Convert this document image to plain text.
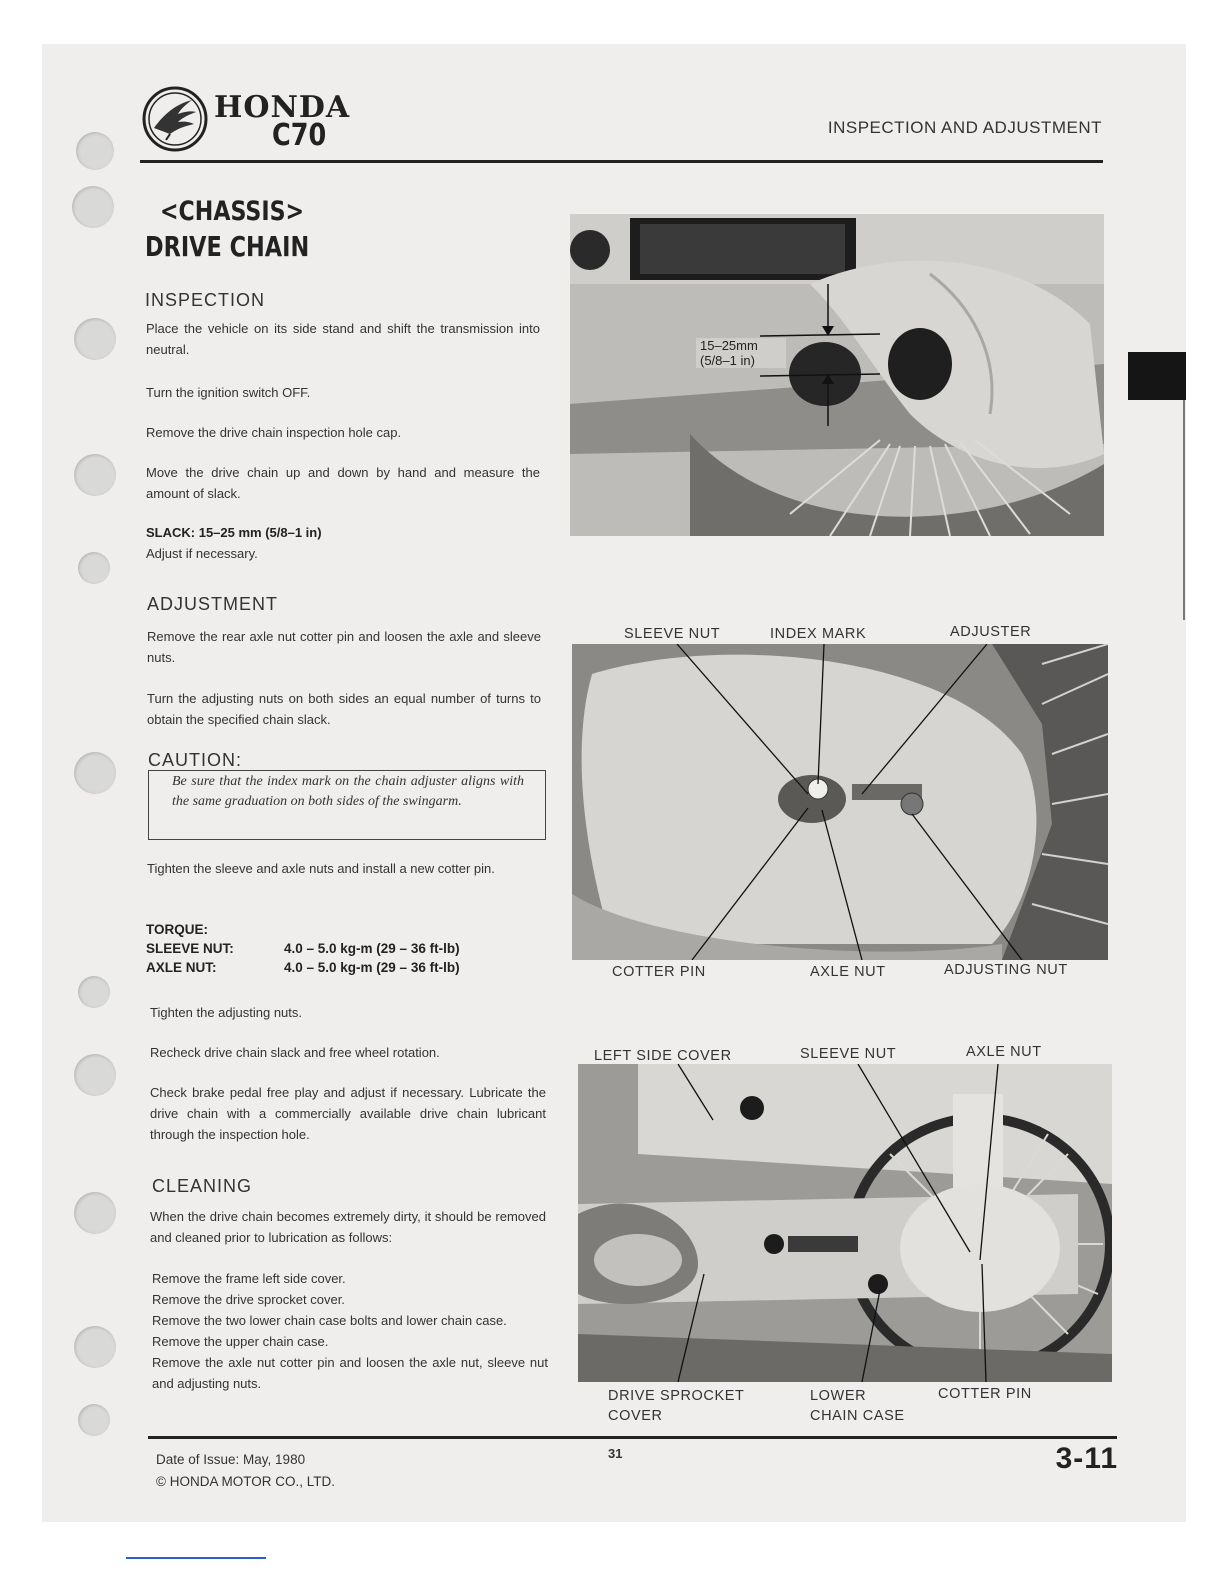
HONDA
C70	INSPECTION AND ADJUSTMENT
<CHASSIS>
DRIVE CHAIN
INSPECTION

Place the vehicle on its side stand and shift the transmission into neutral.

Turn the ignition switch OFF.

Remove the drive chain inspection hole cap.

Move the drive chain up and down by hand and measure the amount of slack.

SLACK: 15–25 mm (5/8–1 in)
Adjust if necessary.
ADJUSTMENT

Remove the rear axle nut cotter pin and loosen the axle and sleeve nuts.

Turn the adjusting nuts on both sides an equal number of turns to obtain the specified chain slack.

CAUTION:

Be sure that the index mark on the chain adjuster aligns with the same graduation on both sides of the swingarm.

Tighten the sleeve and axle nuts and install a new cotter pin.

TORQUE:
SLEEVE NUT:	4.0 – 5.0 kg-m (29 – 36 ft-lb)
AXLE NUT:	4.0 – 5.0 kg-m (29 – 36 ft-lb)

Tighten the adjusting nuts.

Recheck drive chain slack and free wheel rotation.

Check brake pedal free play and adjust if necessary. Lubricate the drive chain with a commercially available drive chain lubricant through the inspection hole.

CLEANING

When the drive chain becomes extremely dirty, it should be removed and cleaned prior to lubrication as follows:

Remove the frame left side cover.
Remove the drive sprocket cover.
Remove the two lower chain case bolts and lower chain case.
Remove the upper chain case.
Remove the axle nut cotter pin and loosen the axle nut, sleeve nut and adjusting nuts.
15–25mm
(5/8–1 in)
SLEEVE NUT	INDEX MARK	ADJUSTER
COTTER PIN	AXLE NUT	ADJUSTING NUT
LEFT SIDE COVER	SLEEVE NUT	AXLE NUT
DRIVE SPROCKET
COVER
LOWER
CHAIN CASE
COTTER PIN
Date of Issue: May, 1980
© HONDA MOTOR CO., LTD.
31	3-11
